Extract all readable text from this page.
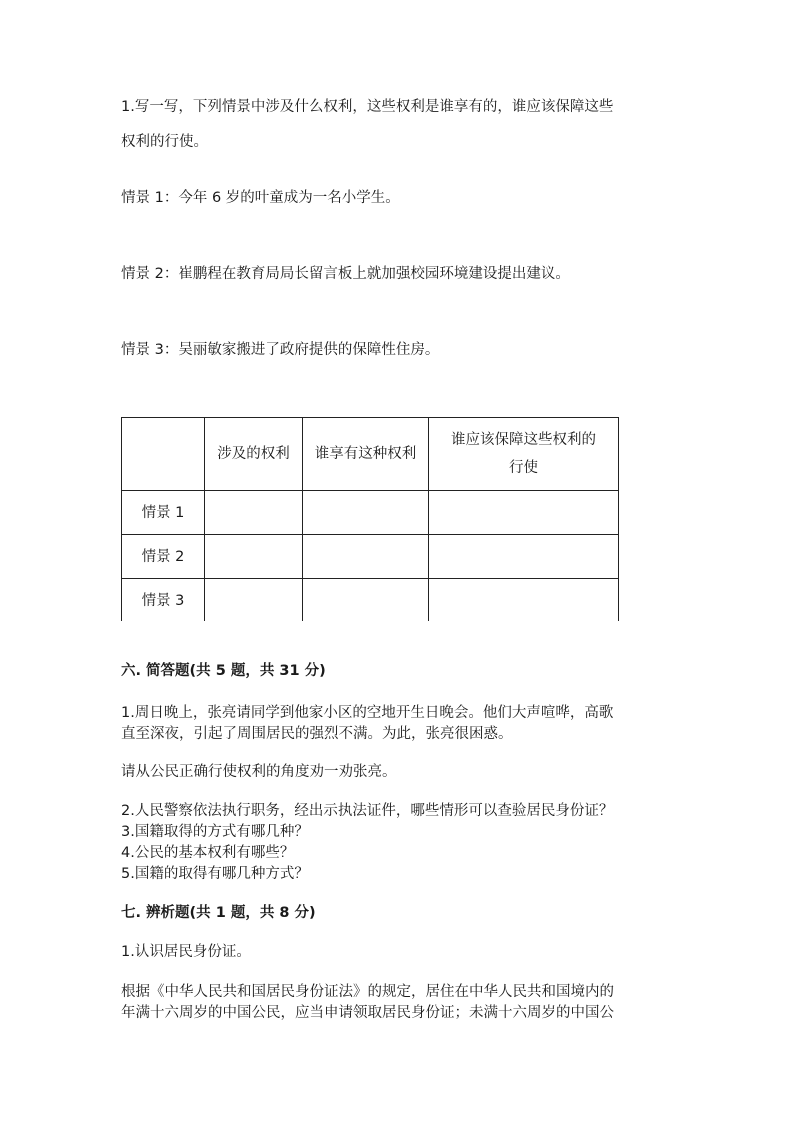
1.写一写，下列情景中涉及什么权利，这些权利是谁享有的，谁应该保障这些
权利的行使。
情景 1：今年 6 岁的叶童成为一名小学生。
情景 2：崔鹏程在教育局局长留言板上就加强校园环境建设提出建议。
情景 3：吴丽敏家搬进了政府提供的保障性住房。
	涉及的权利	谁享有这种权利	谁应该保障这些权利的
行使

情景 1			
情景 2			
情景 3			
六. 简答题(共 5 题，共 31 分)
1.周日晚上，张亮请同学到他家小区的空地开生日晚会。他们大声喧哗，高歌
直至深夜，引起了周围居民的强烈不满。为此，张亮很困惑。
请从公民正确行使权利的角度劝一劝张亮。
2.人民警察依法执行职务，经出示执法证件，哪些情形可以查验居民身份证？
3.国籍取得的方式有哪几种？
4.公民的基本权利有哪些？
5.国籍的取得有哪几种方式？
七. 辨析题(共 1 题，共 8 分)
1.认识居民身份证。
根据《中华人民共和国居民身份证法》的规定，居住在中华人民共和国境内的
年满十六周岁的中国公民，应当申请领取居民身份证；未满十六周岁的中国公
